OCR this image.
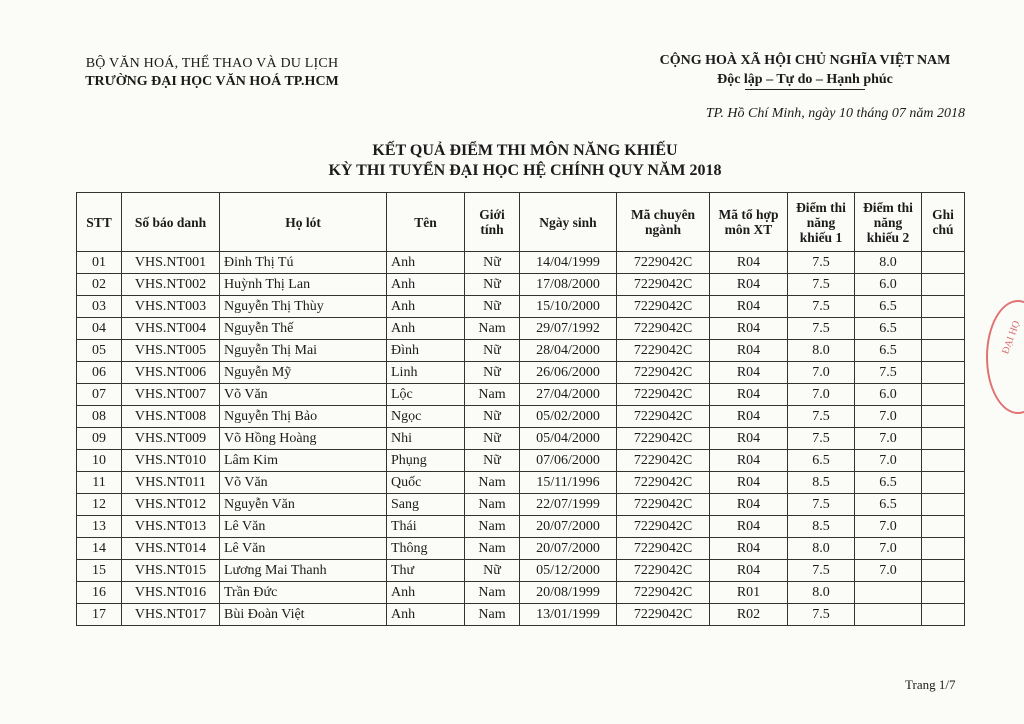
BỘ VĂN HOÁ, THỂ THAO VÀ DU LỊCH
TRƯỜNG ĐẠI HỌC VĂN HOÁ TP.HCM
CỘNG HOÀ XÃ HỘI CHỦ NGHĨA VIỆT NAM
Độc lập – Tự do – Hạnh phúc
TP. Hồ Chí Minh, ngày 10 tháng 07 năm 2018
KẾT QUẢ ĐIỂM THI MÔN NĂNG KHIẾU
KỲ THI TUYỂN ĐẠI HỌC HỆ CHÍNH QUY NĂM 2018
STT	Số báo danh	Họ lót	Tên	Giới tính	Ngày sinh	Mã chuyên ngành	Mã tổ hợp môn XT	Điểm thi năng khiếu 1	Điểm thi năng khiếu 2	Ghi chú
01	VHS.NT001	Đinh Thị Tú	Anh	Nữ	14/04/1999	7229042C	R04	7.5	8.0	
02	VHS.NT002	Huỳnh Thị Lan	Anh	Nữ	17/08/2000	7229042C	R04	7.5	6.0	
03	VHS.NT003	Nguyễn Thị Thùy	Anh	Nữ	15/10/2000	7229042C	R04	7.5	6.5	
04	VHS.NT004	Nguyễn Thế	Anh	Nam	29/07/1992	7229042C	R04	7.5	6.5	
05	VHS.NT005	Nguyễn Thị Mai	Đình	Nữ	28/04/2000	7229042C	R04	8.0	6.5	
06	VHS.NT006	Nguyễn Mỹ	Linh	Nữ	26/06/2000	7229042C	R04	7.0	7.5	
07	VHS.NT007	Võ Văn	Lộc	Nam	27/04/2000	7229042C	R04	7.0	6.0	
08	VHS.NT008	Nguyễn Thị Bảo	Ngọc	Nữ	05/02/2000	7229042C	R04	7.5	7.0	
09	VHS.NT009	Võ Hồng Hoàng	Nhi	Nữ	05/04/2000	7229042C	R04	7.5	7.0	
10	VHS.NT010	Lâm Kim	Phụng	Nữ	07/06/2000	7229042C	R04	6.5	7.0	
11	VHS.NT011	Võ Văn	Quốc	Nam	15/11/1996	7229042C	R04	8.5	6.5	
12	VHS.NT012	Nguyễn Văn	Sang	Nam	22/07/1999	7229042C	R04	7.5	6.5	
13	VHS.NT013	Lê Văn	Thái	Nam	20/07/2000	7229042C	R04	8.5	7.0	
14	VHS.NT014	Lê Văn	Thông	Nam	20/07/2000	7229042C	R04	8.0	7.0	
15	VHS.NT015	Lương Mai Thanh	Thư	Nữ	05/12/2000	7229042C	R04	7.5	7.0	
16	VHS.NT016	Trần Đức	Anh	Nam	20/08/1999	7229042C	R01	8.0		
17	VHS.NT017	Bùi Đoàn Việt	Anh	Nam	13/01/1999	7229042C	R02	7.5		
Trang 1/7
ĐẠI HỌ
